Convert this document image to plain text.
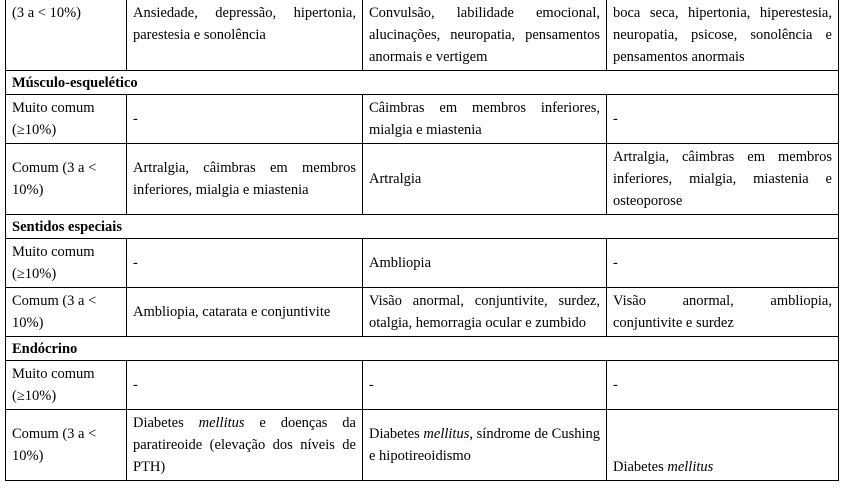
(3 a < 10%)	Ansiedade, depressão, hipertonia, parestesia e sonolência	Convulsão, labilidade emocional, alucinações, neuropatia, pensamentos anormais e vertigem	boca seca, hipertonia, hiperestesia, neuropatia, psicose, sonolência e pensamentos anormais
Músculo-esquelético			
Muito comum (≥10%)	-	Câimbras em membros inferiores, mialgia e miastenia	-
Comum (3 a < 10%)	Artralgia, câimbras em membros inferiores, mialgia e miastenia	Artralgia	Artralgia, câimbras em membros inferiores, mialgia, miastenia e osteoporose
Sentidos especiais			
Muito comum (≥10%)	-	Ambliopia	-
Comum (3 a < 10%)	Ambliopia, catarata e conjuntivite	Visão anormal, conjuntivite, surdez, otalgia, hemorragia ocular e zumbido	Visão anormal, ambliopia, conjuntivite e surdez
Endócrino			
Muito comum (≥10%)	-	-	-
Comum (3 a < 10%)	Diabetes mellitus e doenças da paratireoide (elevação dos níveis de PTH)	Diabetes mellitus, síndrome de Cushing e hipotireoidismo	Diabetes mellitus
